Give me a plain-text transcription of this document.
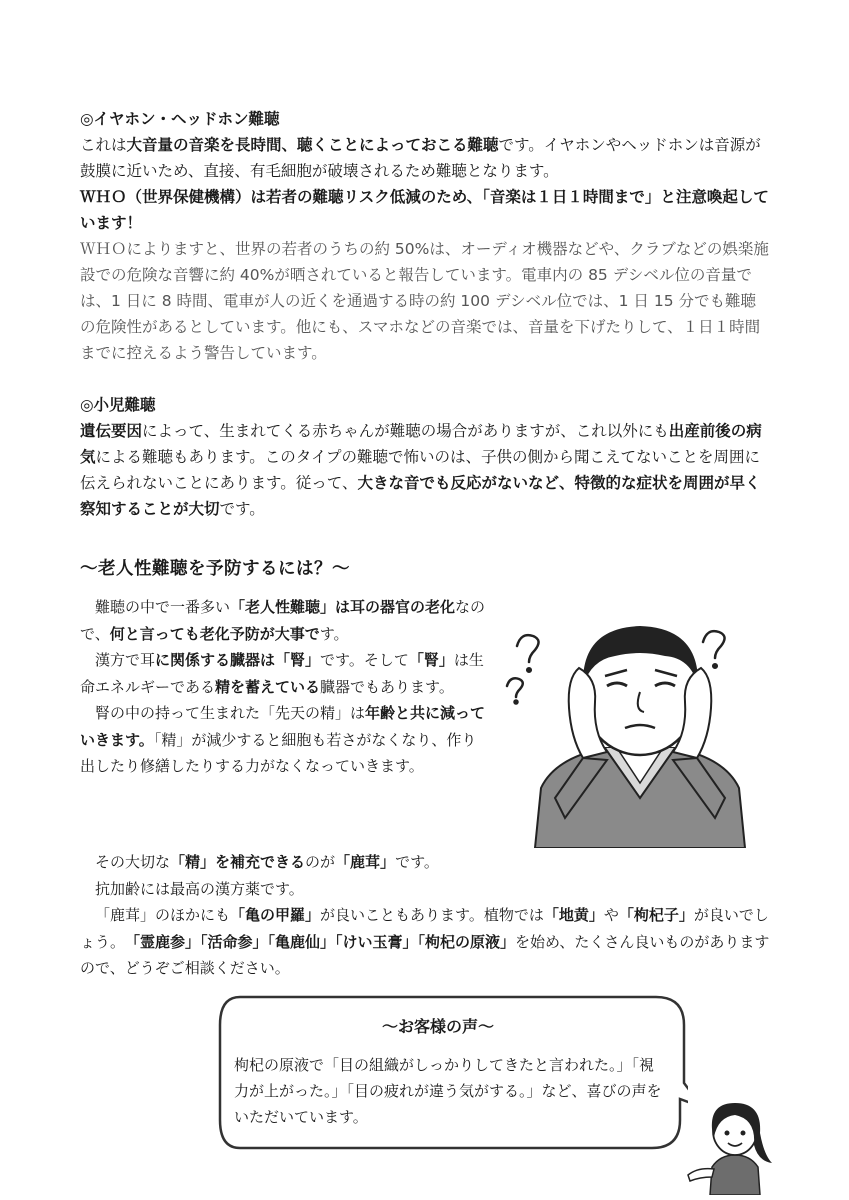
◎イヤホン・ヘッドホン難聴

これは大音量の音楽を長時間、聴くことによっておこる難聴です。イヤホンやヘッドホンは音源が鼓膜に近いため、直接、有毛細胞が破壊されるため難聴となります。

ＷＨＯ（世界保健機構）は若者の難聴リスク低減のため、「音楽は１日１時間まで」と注意喚起しています！

ＷＨＯによりますと、世界の若者のうちの約 50%は、オーディオ機器などや、クラブなどの娯楽施設での危険な音響に約 40%が晒されていると報告しています。電車内の 85 デシベル位の音量では、1 日に 8 時間、電車が人の近くを通過する時の約 100 デシベル位では、1 日 15 分でも難聴の危険性があるとしています。他にも、スマホなどの音楽では、音量を下げたりして、１日１時間までに控えるよう警告しています。

◎小児難聴

遺伝要因によって、生まれてくる赤ちゃんが難聴の場合がありますが、これ以外にも出産前後の病気による難聴もあります。このタイプの難聴で怖いのは、子供の側から聞こえてないことを周囲に伝えられないことにあります。従って、大きな音でも反応がないなど、特徴的な症状を周囲が早く察知することが大切です。

～老人性難聴を予防するには？～

難聴の中で一番多い「老人性難聴」は耳の器官の老化なので、何と言っても老化予防が大事です。

漢方で耳に関係する臓器は「腎」です。そして「腎」は生命エネルギーである精を蓄えている臓器でもあります。

腎の中の持って生まれた「先天の精」は年齢と共に減っていきます。「精」が減少すると細胞も若さがなくなり、作り出したり修繕したりする力がなくなっていきます。

その大切な「精」を補充できるのが「鹿茸」です。

抗加齢には最高の漢方薬です。

「鹿茸」のほかにも「亀の甲羅」が良いこともあります。植物では「地黄」や「枸杞子」が良いでしょう。　「霊鹿参」「活命参」「亀鹿仙」「けい玉膏」「枸杞の原液」を始め、たくさん良いものがありますので、どうぞご相談ください。

～お客様の声～

枸杞の原液で「目の組織がしっかりしてきたと言われた。」「視力が上がった。」「目の疲れが違う気がする。」など、喜びの声をいただいています。
